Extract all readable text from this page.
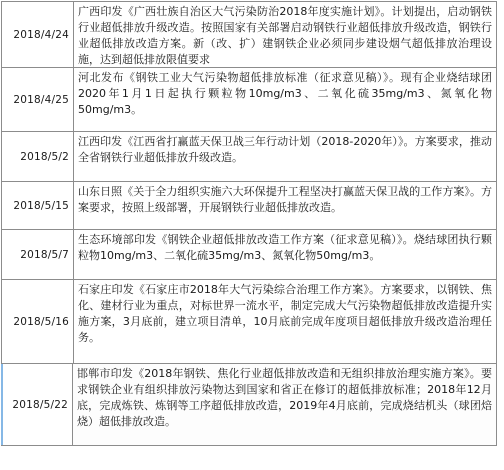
2018/4/24
广西印发《广西壮族自治区大气污染防治2018年度实施计划》。计划提出，启动钢铁行业超低排放升级改造。按照国家有关部署启动钢铁行业超低排放升级改造，钢铁行业超低排放改造方案。新（改、扩）建钢铁企业必须同步建设烟气超低排放治理设施，达到超低排放限值要求
2018/4/25
河北发布《钢铁工业大气污染物超低排放标准（征求意见稿）》。现有企业烧结球团2020年1月1日起执行颗粒物10mg/m3、二氧化硫35mg/m3、氮氧化物50mg/m3。
2018/5/2
江西印发《江西省打赢蓝天保卫战三年行动计划（2018-2020年）》。方案要求，推动全省钢铁行业超低排放升级改造。
2018/5/15
山东日照《关于全力组织实施六大环保提升工程坚决打赢蓝天保卫战的工作方案》。方案要求，按照上级部署，开展钢铁行业超低排放改造。
2018/5/7
生态环境部印发《钢铁企业超低排放改造工作方案（征求意见稿）》。烧结球团执行颗粒物10mg/m3、二氧化硫35mg/m3、氮氧化物50mg/m3。
2018/5/16
石家庄印发《石家庄市2018年大气污染综合治理工作方案》。方案要求，以钢铁、焦化、建材行业为重点，对标世界一流水平，制定完成大气污染物超低排放改造提升实施方案，3月底前，建立项目清单，10月底前完成年度项目超低排放升级改造治理任务。
2018/5/22
邯郸市印发《2018年钢铁、焦化行业超低排放改造和无组织排放治理实施方案》。要求钢铁企业有组织排放污染物达到国家和省正在修订的超低排放标准；2018年12月底，完成炼铁、炼钢等工序超低排放改造，2019年4月底前，完成烧结机头（球团焙烧）超低排放改造。
